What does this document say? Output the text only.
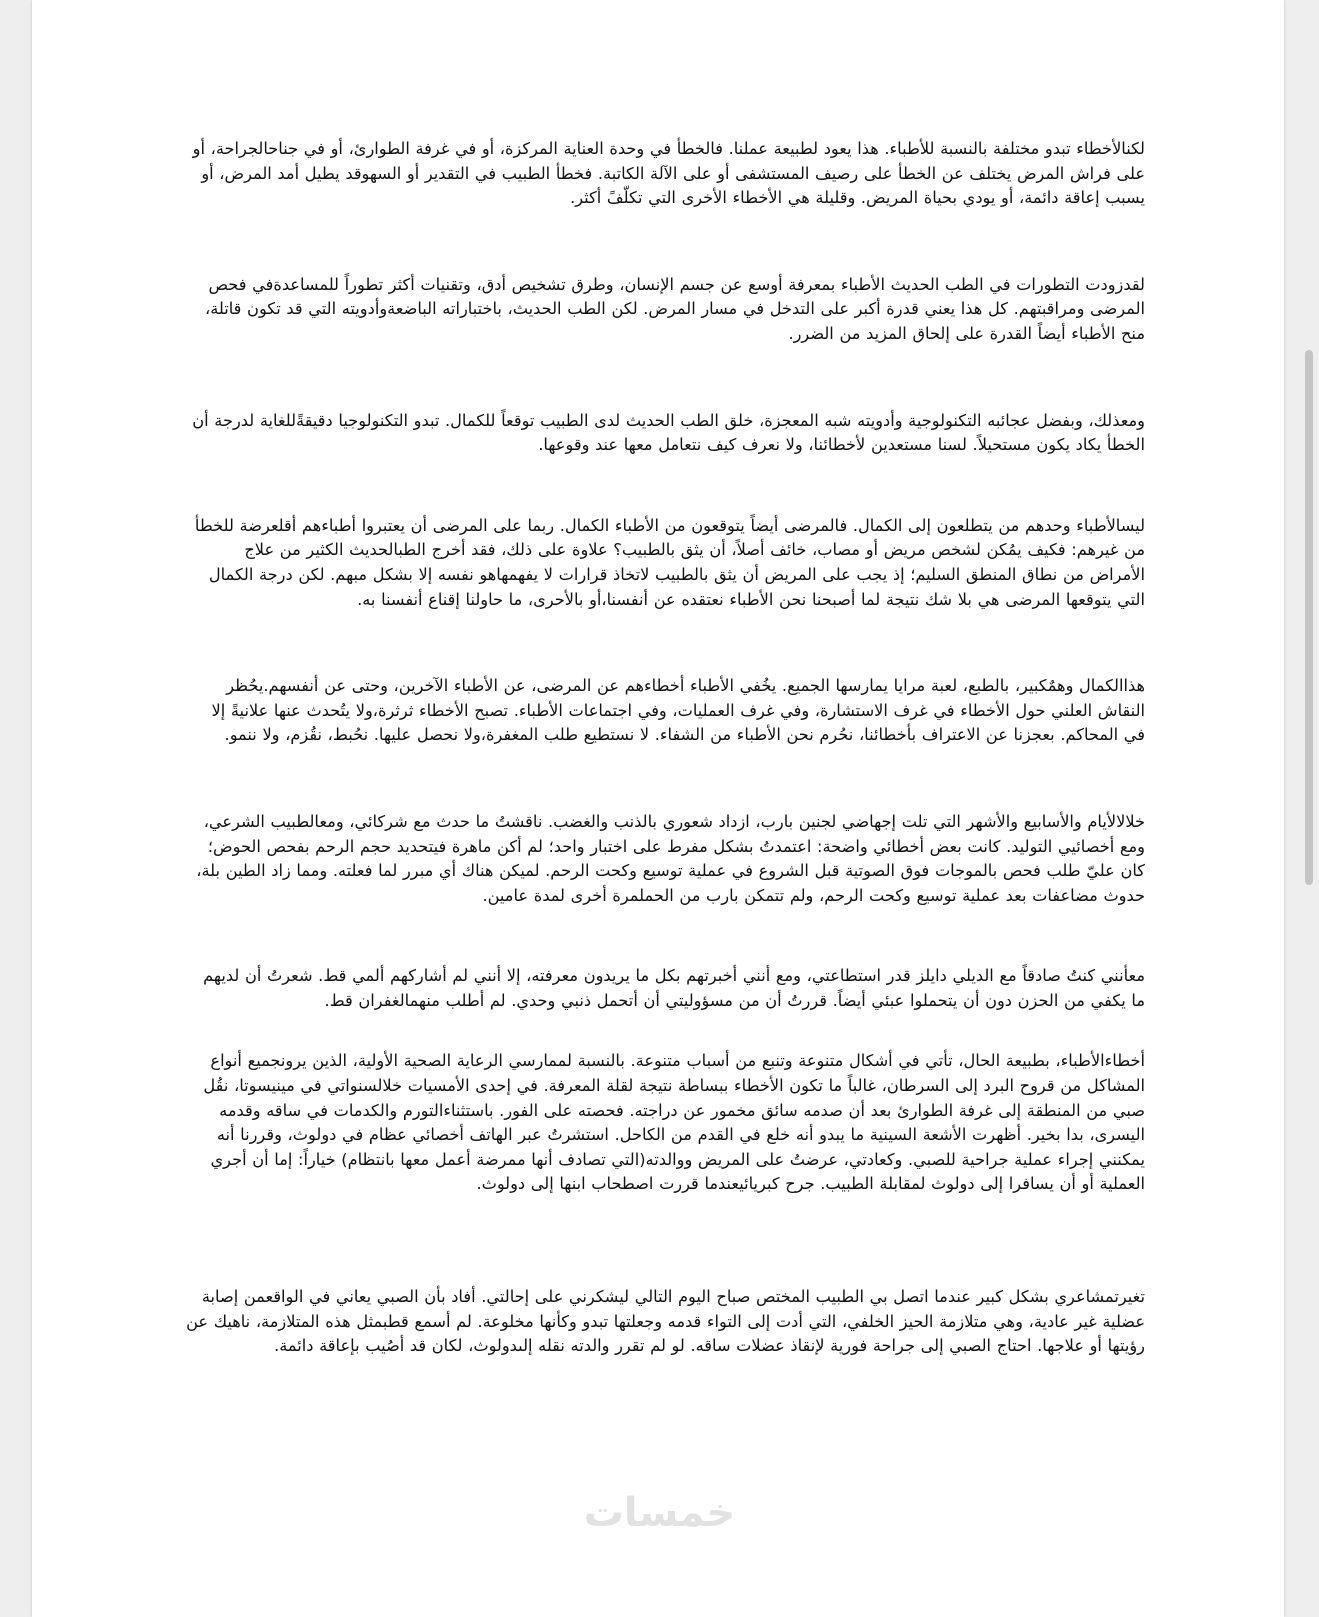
لكنالأخطاء تبدو مختلفة بالنسبة للأطباء. هذا يعود لطبيعة عملنا. فالخطأ في وحدة العناية المركزة، أو في غرفة الطوارئ، أو في جناحالجراحة، أو على فراش المرض يختلف عن الخطأ على رصيف المستشفى أو على الآلة الكاتبة. فخطأ الطبيب في التقدير أو السهوقد يطيل أمد المرض، أو يسبب إعاقة دائمة، أو يودي بحياة المريض. وقليلة هي الأخطاء الأخرى التي تكلّفً أكثر.

لقدزودت التطورات في الطب الحديث الأطباء بمعرفة أوسع عن جسم الإنسان، وطرق تشخيص أدق، وتقنيات أكثر تطوراً للمساعدةفي فحص المرضى ومراقبتهم. كل هذا يعني قدرة أكبر على التدخل في مسار المرض. لكن الطب الحديث، باختباراته الباضعةوأدويته التي قد تكون قاتلة، منح الأطباء أيضاً القدرة على إلحاق المزيد من الضرر.

ومعذلك، وبفضل عجائبه التكنولوجية وأدويته شبه المعجزة، خلق الطب الحديث لدى الطبيب توقعاً للكمال. تبدو التكنولوجيا دقيقةًللغاية لدرجة أن الخطأ يكاد يكون مستحيلاً. لسنا مستعدين لأخطائنا، ولا نعرف كيف نتعامل معها عند وقوعها.

ليسالأطباء وحدهم من يتطلعون إلى الكمال. فالمرضى أيضاً يتوقعون من الأطباء الكمال. ربما على المرضى أن يعتبروا أطباءهم أقلعرضة للخطأ من غيرهم: فكيف يمُكن لشخص مريض أو مصاب، خائف أصلاً، أن يثق بالطبيب؟ علاوة على ذلك، فقد أخرج الطبالحديث الكثير من علاج الأمراض من نطاق المنطق السليم؛ إذ يجب على المريض أن يثق بالطبيب لاتخاذ قرارات لا يفهمهاهو نفسه إلا بشكل مبهم. لكن درجة الكمال التي يتوقعها المرضى هي بلا شك نتيجة لما أصبحنا نحن الأطباء نعتقده عن أنفسنا،أو بالأحرى، ما حاولنا إقناع أنفسنا به.

هذاالكمال وهمٌكبير، بالطبع، لعبة مرايا يمارسها الجميع. يخُفي الأطباء أخطاءهم عن المرضى، عن الأطباء الآخرين، وحتى عن أنفسهم.يحُظر النقاش العلني حول الأخطاء في غرف الاستشارة، وفي غرف العمليات، وفي اجتماعات الأطباء. تصبح الأخطاء ثرثرة،ولا يتُحدث عنها علانيةً إلا في المحاكم. بعجزنا عن الاعتراف بأخطائنا، نحُرم نحن الأطباء من الشفاء. لا نستطيع طلب المغفرة،ولا نحصل عليها. نحُبط، نقُزم، ولا ننمو.

خلالالأيام والأسابيع والأشهر التي تلت إجهاضي لجنين بارب، ازداد شعوري بالذنب والغضب. ناقشتُ ما حدث مع شركائي، ومعالطبيب الشرعي، ومع أخصائيي التوليد. كانت بعض أخطائي واضحة: اعتمدتُ بشكل مفرط على اختبار واحد؛ لم أكن ماهرة فيتحديد حجم الرحم بفحص الحوض؛ كان عليّ طلب فحص بالموجات فوق الصوتية قبل الشروع في عملية توسيع وكحت الرحم. لميكن هناك أي مبرر لما فعلته. ومما زاد الطين بلة، حدوث مضاعفات بعد عملية توسيع وكحت الرحم، ولم تتمكن بارب من الحملمرة أخرى لمدة عامين.

معأنني كنتُ صادقاً مع الديلي دايلز قدر استطاعتي، ومع أنني أخبرتهم بكل ما يريدون معرفته، إلا أنني لم أشاركهم ألمي قط. شعرتُ أن لديهم ما يكفي من الحزن دون أن يتحملوا عبئي أيضاً. قررتُ أن من مسؤوليتي أن أتحمل ذنبي وحدي. لم أطلب منهمالغفران قط.

أخطاءالأطباء، بطبيعة الحال، تأتي في أشكال متنوعة وتنبع من أسباب متنوعة. بالنسبة لممارسي الرعاية الصحية الأولية، الذين يرونجميع أنواع المشاكل من قروح البرد إلى السرطان، غالباً ما تكون الأخطاء ببساطة نتيجة لقلة المعرفة. في إحدى الأمسيات خلالسنواتي في مينيسوتا، نقُل صبي من المنطقة إلى غرفة الطوارئ بعد أن صدمه سائق مخمور عن دراجته. فحصته على الفور. باستثناءالتورم والكدمات في ساقه وقدمه اليسرى، بدا بخير. أظهرت الأشعة السينية ما يبدو أنه خلع في القدم من الكاحل. استشرتُ عبر الهاتف أخصائي عظام في دولوث، وقررنا أنه يمكنني إجراء عملية جراحية للصبي. وكعادتي، عرضتُ على المريض ووالدته(التي تصادف أنها ممرضة أعمل معها بانتظام) خياراً: إما أن أجري العملية أو أن يسافرا إلى دولوث لمقابلة الطبيب. جرح كبريائيعندما قررت اصطحاب ابنها إلى دولوث.

تغيرتمشاعري بشكل كبير عندما اتصل بي الطبيب المختص صباح اليوم التالي ليشكرني على إحالتي. أفاد بأن الصبي يعاني في الواقعمن إصابة عضلية غير عادية، وهي متلازمة الحيز الخلفي، التي أدت إلى التواء قدمه وجعلتها تبدو وكأنها مخلوعة. لم أسمع قطبمثل هذه المتلازمة، ناهيك عن رؤيتها أو علاجها. احتاج الصبي إلى جراحة فورية لإنقاذ عضلات ساقه. لو لم تقرر والدته نقله إلىدولوث، لكان قد أصُيب بإعاقة دائمة.

خمسات
